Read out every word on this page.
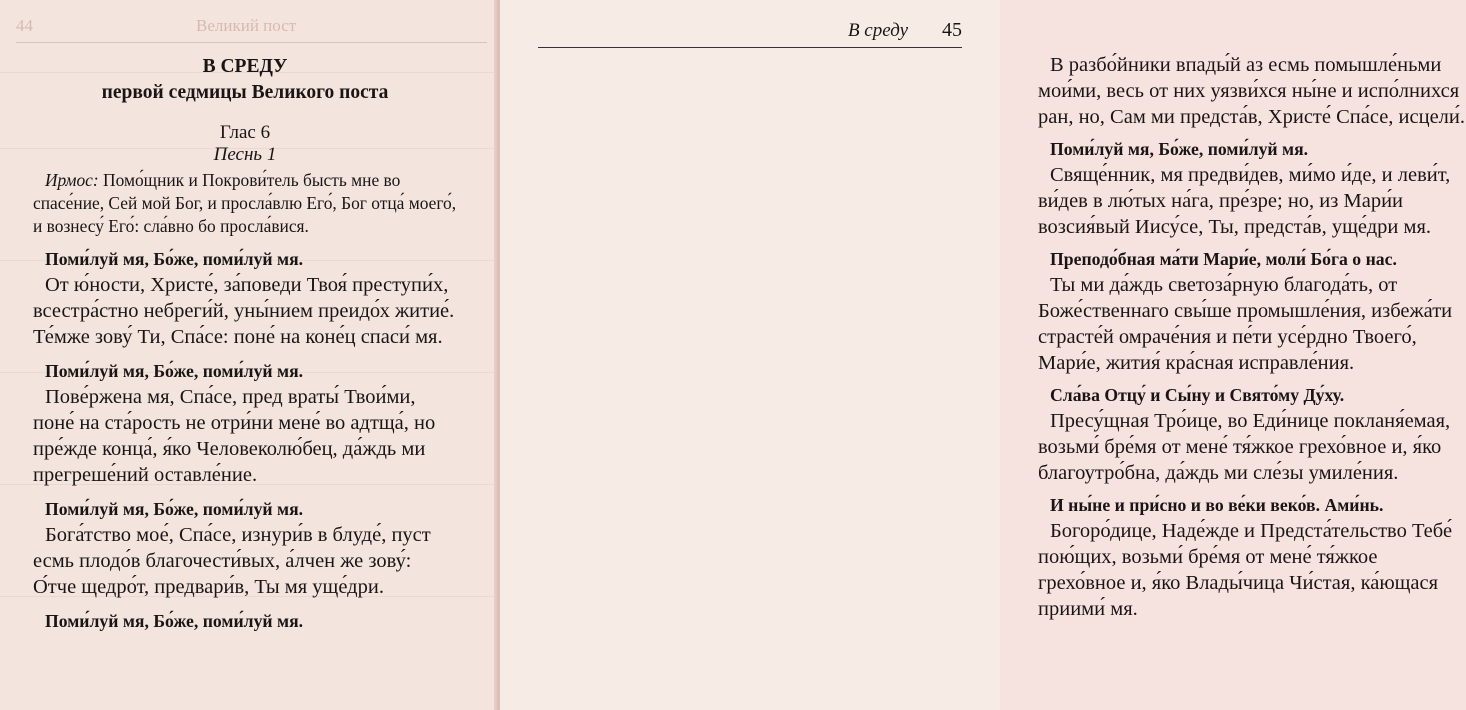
44	Великий пост
В СРЕДУ
первой седмицы Великого поста
Глас 6
Песнь 1
Ирмос: Помо́щник и Покрови́тель бысть мне во спасе́ние, Сей мой Бог, и просла́влю Его́, Бог отца́ моего́, и вознесу́ Его́: сла́вно бо просла́вися.
Поми́луй мя, Бо́же, поми́луй мя.
От ю́ности, Христе́, за́поведи Твоя́ преступи́х, всестра́стно небреги́й, уны́нием преидо́х житие́. Те́мже зову́ Ти, Спа́се: поне́ на коне́ц спаси́ мя.
Поми́луй мя, Бо́же, поми́луй мя.
Пове́ржена мя, Спа́се, пред враты́ Твои́ми, поне́ на ста́рость не отри́ни мене́ во адтща́, но пре́жде конца́, я́ко Человеколю́бец, да́ждь ми прегреше́ний оставле́ние.
Поми́луй мя, Бо́же, поми́луй мя.
Бога́тство мое́, Спа́се, изнури́в в блуде́, пуст есмь плодо́в благочести́вых, а́лчен же зову́: О́тче щедро́т, предвари́в, Ты мя уще́дри.
Поми́луй мя, Бо́же, поми́луй мя.
В среду 45
В разбо́йники впады́й аз есмь помышле́ньми мои́ми, весь от них уязви́хся ны́не и испо́лнихся ран, но, Сам ми предста́в, Христе́ Спа́се, исцели́.
Поми́луй мя, Бо́же, поми́луй мя.
Свяще́нник, мя предви́дев, ми́мо и́де, и леви́т, ви́дев в лю́тых на́га, пре́зре; но, из Мари́и возсия́вый Иису́се, Ты, предста́в, уще́дри мя.
Преподо́бная ма́ти Мари́е, моли́ Бо́га о нас.
Ты ми да́ждь светоза́рную благода́ть, от Боже́ственнаго свы́ше промышле́ния, избежа́ти страсте́й омраче́ния и пе́ти усе́рдно Твоего́, Мари́е, жития́ кра́сная исправле́ния.
Сла́ва Отцу́ и Сы́ну и Свято́му Ду́ху.
Пресу́щная Тро́ице, во Еди́нице покланя́емая, возьми́ бре́мя от мене́ тя́жкое грехо́вное и, я́ко благоутро́бна, да́ждь ми сле́зы умиле́ния.
И ны́не и при́сно и во ве́ки веко́в. Ами́нь.
Богоро́дице, Наде́жде и Предста́тельство Тебе́ пою́щих, возьми́ бре́мя от мене́ тя́жкое грехо́вное и, я́ко Влады́чица Чи́стая, ка́ющася приими́ мя.
